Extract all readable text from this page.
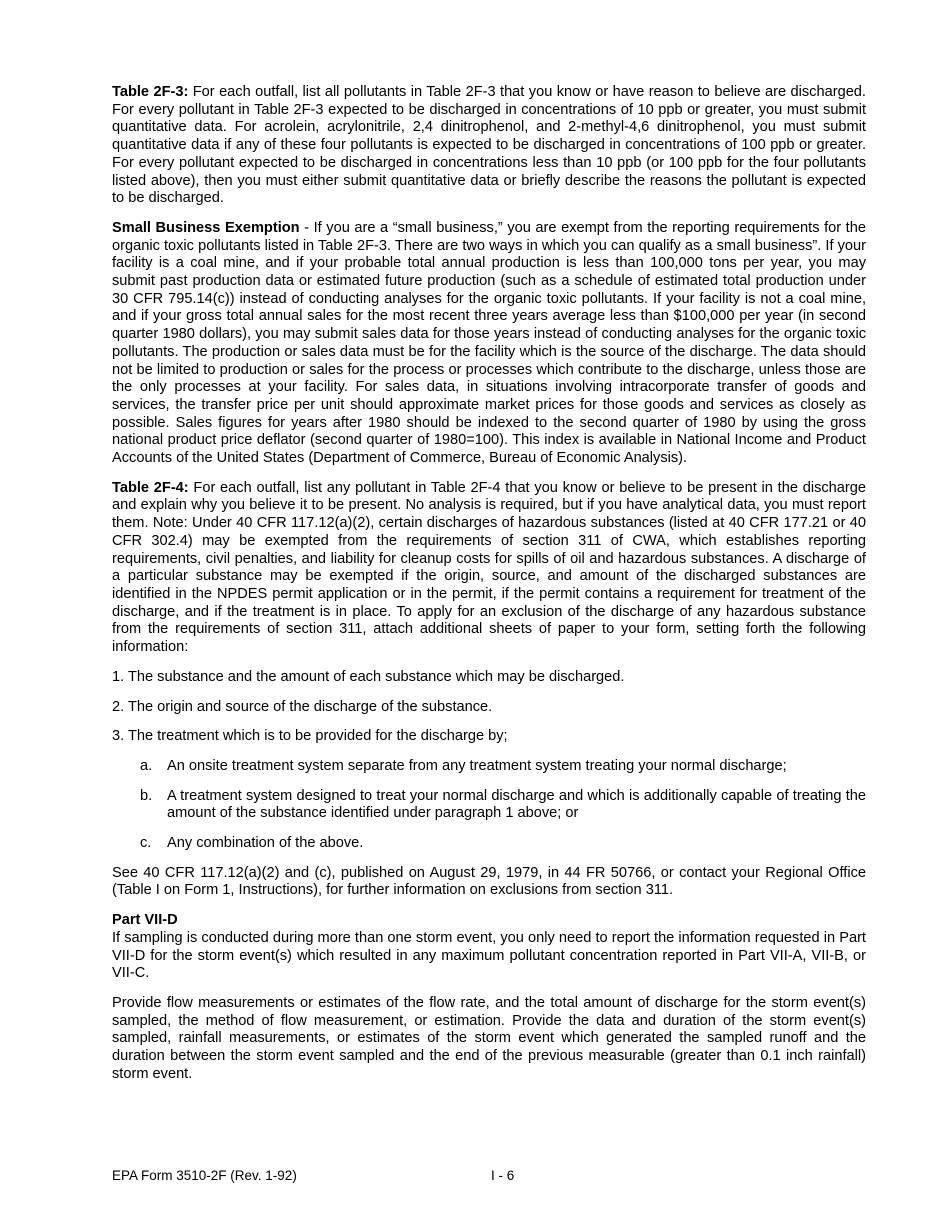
Table 2F-3: For each outfall, list all pollutants in Table 2F-3 that you know or have reason to believe are discharged. For every pollutant in Table 2F-3 expected to be discharged in concentrations of 10 ppb or greater, you must submit quantitative data. For acrolein, acrylonitrile, 2,4 dinitrophenol, and 2-methyl-4,6 dinitrophenol, you must submit quantitative data if any of these four pollutants is expected to be discharged in concentrations of 100 ppb or greater. For every pollutant expected to be discharged in concentrations less than 10 ppb (or 100 ppb for the four pollutants listed above), then you must either submit quantitative data or briefly describe the reasons the pollutant is expected to be discharged.

Small Business Exemption - If you are a “small business,” you are exempt from the reporting requirements for the organic toxic pollutants listed in Table 2F-3. There are two ways in which you can qualify as a small business”. If your facility is a coal mine, and if your probable total annual production is less than 100,000 tons per year, you may submit past production data or estimated future production (such as a schedule of estimated total production under 30 CFR 795.14(c)) instead of conducting analyses for the organic toxic pollutants. If your facility is not a coal mine, and if your gross total annual sales for the most recent three years average less than $100,000 per year (in second quarter 1980 dollars), you may submit sales data for those years instead of conducting analyses for the organic toxic pollutants. The production or sales data must be for the facility which is the source of the discharge. The data should not be limited to production or sales for the process or processes which contribute to the discharge, unless those are the only processes at your facility. For sales data, in situations involving intracorporate transfer of goods and services, the transfer price per unit should approximate market prices for those goods and services as closely as possible. Sales figures for years after 1980 should be indexed to the second quarter of 1980 by using the gross national product price deflator (second quarter of 1980=100). This index is available in National Income and Product Accounts of the United States (Department of Commerce, Bureau of Economic Analysis).

Table 2F-4: For each outfall, list any pollutant in Table 2F-4 that you know or believe to be present in the discharge and explain why you believe it to be present. No analysis is required, but if you have analytical data, you must report them. Note: Under 40 CFR 117.12(a)(2), certain discharges of hazardous substances (listed at 40 CFR 177.21 or 40 CFR 302.4) may be exempted from the requirements of section 311 of CWA, which establishes reporting requirements, civil penalties, and liability for cleanup costs for spills of oil and hazardous substances. A discharge of a particular substance may be exempted if the origin, source, and amount of the discharged substances are identified in the NPDES permit application or in the permit, if the permit contains a requirement for treatment of the discharge, and if the treatment is in place. To apply for an exclusion of the discharge of any hazardous substance from the requirements of section 311, attach additional sheets of paper to your form, setting forth the following information:

1. The substance and the amount of each substance which may be discharged.
2. The origin and source of the discharge of the substance.
3. The treatment which is to be provided for the discharge by;
a.	An onsite treatment system separate from any treatment system treating your normal discharge;
b.	A treatment system designed to treat your normal discharge and which is additionally capable of treating the amount of the substance identified under paragraph 1 above; or
c.	Any combination of the above.

See 40 CFR 117.12(a)(2) and (c), published on August 29, 1979, in 44 FR 50766, or contact your Regional Office (Table I on Form 1, Instructions), for further information on exclusions from section 311.

Part VII-D

If sampling is conducted during more than one storm event, you only need to report the information requested in Part VII-D for the storm event(s) which resulted in any maximum pollutant concentration reported in Part VII-A, VII-B, or VII-C.

Provide flow measurements or estimates of the flow rate, and the total amount of discharge for the storm event(s) sampled, the method of flow measurement, or estimation. Provide the data and duration of the storm event(s) sampled, rainfall measurements, or estimates of the storm event which generated the sampled runoff and the duration between the storm event sampled and the end of the previous measurable (greater than 0.1 inch rainfall) storm event.

EPA Form 3510-2F (Rev. 1-92)	I - 6
